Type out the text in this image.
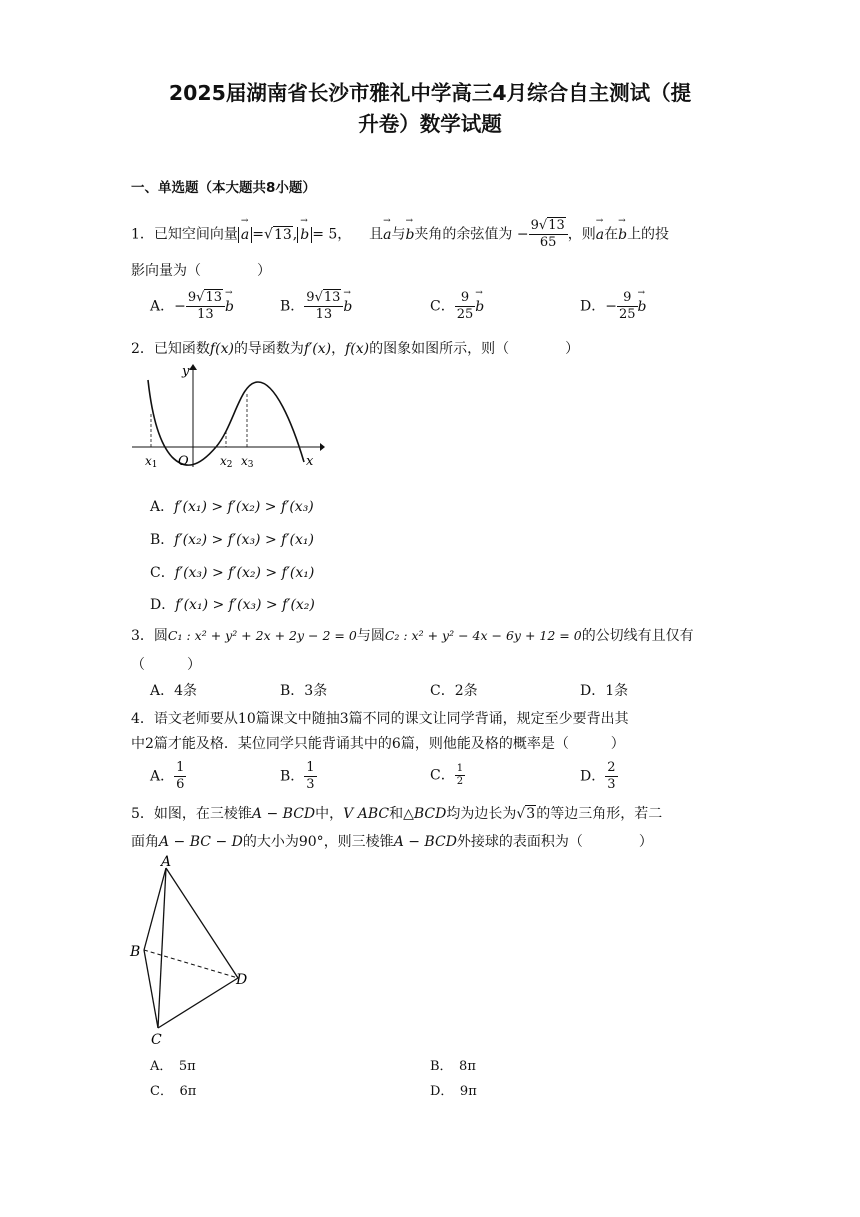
2025届湖南省长沙市雅礼中学高三4月综合自主测试（提
升卷）数学试题
一、单选题（本大题共8小题）
1．已知空间向量→ a =√13,→ b = 5， 且→ a与→ b夹角的余弦值为 − $\frac{9√13}{65}$ ，则→ a在→ b上的投
影向量为（　　　　）
A．− $\frac{9√13}{13}$
→ b	B． $\frac{9√13}{13}$
→ b	C． $\frac{9}{25}$
→ b	D．− $\frac{9}{25}$
→ b
2．已知函数f(x)的导函数为f′(x)，f(x)的图象如图所示，则（　　　　）
y
x
O
x1	x2 x3
A．f′(x₁) > f′(x₂) > f′(x₃)
B．f′(x₂) > f′(x₃) > f′(x₁)
C．f′(x₃) > f′(x₂) > f′(x₁)
D．f′(x₁) > f′(x₃) > f′(x₂)
3．圆C₁ : x² + y² + 2x + 2y − 2 = 0与圆C₂ : x² + y² − 4x − 6y + 12 = 0的公切线有且仅有
（　　　）
A．4条	B．3条	C．2条	D．1条
4．语文老师要从10篇课文中随抽3篇不同的课文让同学背诵，规定至少要背出其
中2篇才能及格．某位同学只能背诵其中的6篇，则他能及格的概率是（　　　）
A． $\frac{1}{6}$	B． $\frac{1}{3}$	C． $\frac{1}{2}$	D． $\frac{2}{3}$
5．如图，在三棱锥A − BCD中，V ABC和△BCD均为边长为√3的等边三角形，若二
面角A − BC − D的大小为90°，则三棱锥A − BCD外接球的表面积为（　　　　）
A
B
C
D
A．　5π	B．　8π
C．　6π	D．　9π
